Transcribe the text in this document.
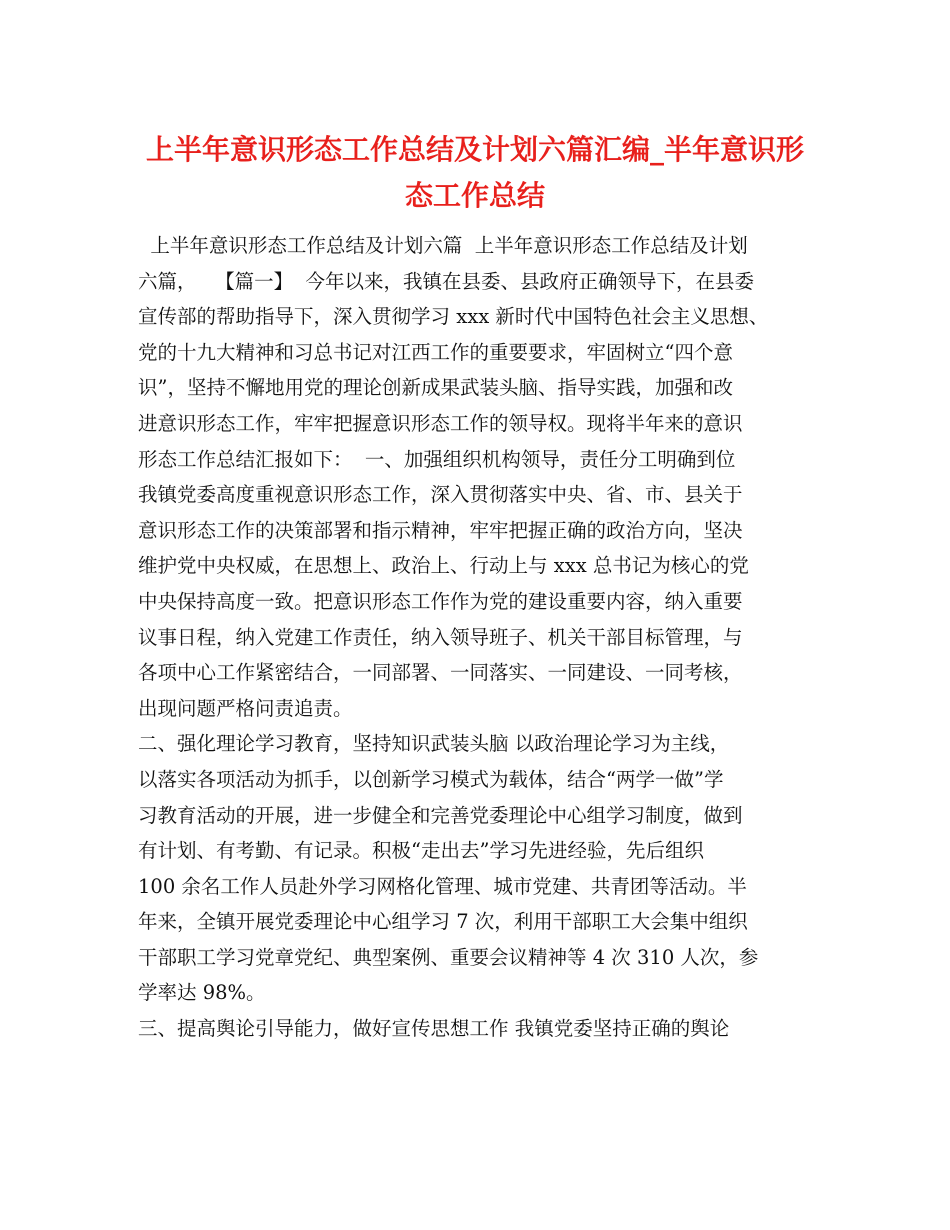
上半年意识形态工作总结及计划六篇汇编_半年意识形
态工作总结
上半年意识形态工作总结及计划六篇  上半年意识形态工作总结及计划
六篇，   【篇一】  今年以来，我镇在县委、县政府正确领导下，在县委
宣传部的帮助指导下，深入贯彻学习 xxx 新时代中国特色社会主义思想、
党的十九大精神和习总书记对江西工作的重要要求，牢固树立“四个意
识”，坚持不懈地用党的理论创新成果武装头脑、指导实践，加强和改
进意识形态工作，牢牢把握意识形态工作的领导权。现将半年来的意识
形态工作总结汇报如下：  一、加强组织机构领导，责任分工明确到位
我镇党委高度重视意识形态工作，深入贯彻落实中央、省、市、县关于
意识形态工作的决策部署和指示精神，牢牢把握正确的政治方向，坚决
维护党中央权威，在思想上、政治上、行动上与 xxx 总书记为核心的党
中央保持高度一致。把意识形态工作作为党的建设重要内容，纳入重要
议事日程，纳入党建工作责任，纳入领导班子、机关干部目标管理，与
各项中心工作紧密结合，一同部署、一同落实、一同建设、一同考核，
出现问题严格问责追责。
二、强化理论学习教育，坚持知识武装头脑 以政治理论学习为主线，
以落实各项活动为抓手，以创新学习模式为载体，结合“两学一做”学
习教育活动的开展，进一步健全和完善党委理论中心组学习制度，做到
有计划、有考勤、有记录。积极“走出去”学习先进经验，先后组织
100 余名工作人员赴外学习网格化管理、城市党建、共青团等活动。半
年来，全镇开展党委理论中心组学习 7 次，利用干部职工大会集中组织
干部职工学习党章党纪、典型案例、重要会议精神等 4 次 310 人次，参
学率达 98%。
三、提高舆论引导能力，做好宣传思想工作 我镇党委坚持正确的舆论
